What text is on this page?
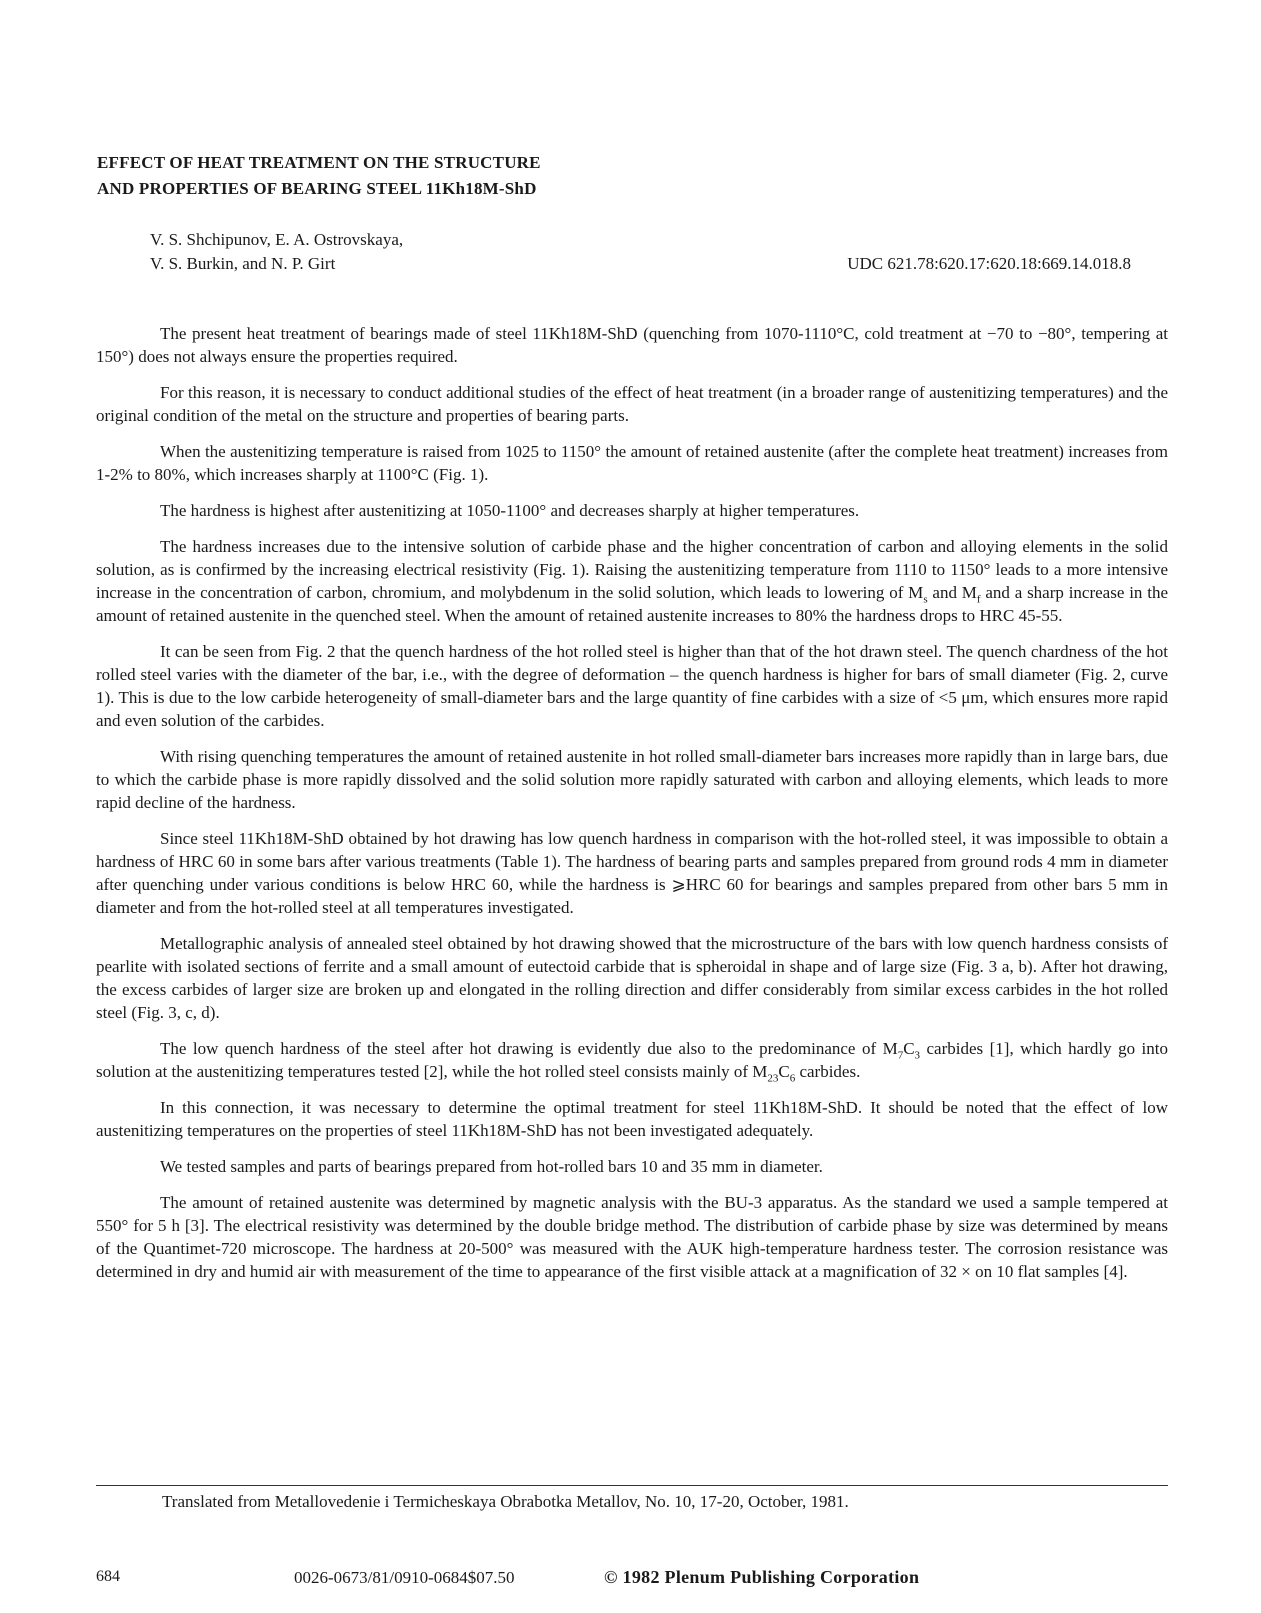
EFFECT OF HEAT TREATMENT ON THE STRUCTURE
AND PROPERTIES OF BEARING STEEL 11Kh18M-ShD
V. S. Shchipunov, E. A. Ostrovskaya,
V. S. Burkin, and N. P. Girt	UDC 621.78:620.17:620.18:669.14.018.8

The present heat treatment of bearings made of steel 11Kh18M-ShD (quenching from 1070-1110°C, cold treatment at −70 to −80°, tempering at 150°) does not always ensure the properties required.

For this reason, it is necessary to conduct additional studies of the effect of heat treatment (in a broader range of austenitizing temperatures) and the original condition of the metal on the structure and properties of bearing parts.

When the austenitizing temperature is raised from 1025 to 1150° the amount of retained austenite (after the complete heat treatment) increases from 1-2% to 80%, which increases sharply at 1100°C (Fig. 1).

The hardness is highest after austenitizing at 1050-1100° and decreases sharply at higher temperatures.

The hardness increases due to the intensive solution of carbide phase and the higher concentration of carbon and alloying elements in the solid solution, as is confirmed by the increasing electrical resistivity (Fig. 1). Raising the austenitizing temperature from 1110 to 1150° leads to a more intensive increase in the concentration of carbon, chromium, and molybdenum in the solid solution, which leads to lowering of $M_s$ and $M_f$ and a sharp increase in the amount of retained austenite in the quenched steel. When the amount of retained austenite increases to 80% the hardness drops to HRC 45-55.

It can be seen from Fig. 2 that the quench hardness of the hot rolled steel is higher than that of the hot drawn steel. The quench chardness of the hot rolled steel varies with the diameter of the bar, i.e., with the degree of deformation – the quench hardness is higher for bars of small diameter (Fig. 2, curve 1). This is due to the low carbide heterogeneity of small-diameter bars and the large quantity of fine carbides with a size of <5 μm, which ensures more rapid and even solution of the carbides.

With rising quenching temperatures the amount of retained austenite in hot rolled small-diameter bars increases more rapidly than in large bars, due to which the carbide phase is more rapidly dissolved and the solid solution more rapidly saturated with carbon and alloying elements, which leads to more rapid decline of the hardness.

Since steel 11Kh18M-ShD obtained by hot drawing has low quench hardness in comparison with the hot-rolled steel, it was impossible to obtain a hardness of HRC 60 in some bars after various treatments (Table 1). The hardness of bearing parts and samples prepared from ground rods 4 mm in diameter after quenching under various conditions is below HRC 60, while the hardness is ⩾HRC 60 for bearings and samples prepared from other bars 5 mm in diameter and from the hot-rolled steel at all temperatures investigated.

Metallographic analysis of annealed steel obtained by hot drawing showed that the microstructure of the bars with low quench hardness consists of pearlite with isolated sections of ferrite and a small amount of eutectoid carbide that is spheroidal in shape and of large size (Fig. 3 a, b). After hot drawing, the excess carbides of larger size are broken up and elongated in the rolling direction and differ considerably from similar excess carbides in the hot rolled steel (Fig. 3, c, d).

The low quench hardness of the steel after hot drawing is evidently due also to the predominance of $M_7C_3$ carbides [1], which hardly go into solution at the austenitizing temperatures tested [2], while the hot rolled steel consists mainly of $M_{23}C_6$ carbides.

In this connection, it was necessary to determine the optimal treatment for steel 11Kh18M-ShD. It should be noted that the effect of low austenitizing temperatures on the properties of steel 11Kh18M-ShD has not been investigated adequately.

We tested samples and parts of bearings prepared from hot-rolled bars 10 and 35 mm in diameter.

The amount of retained austenite was determined by magnetic analysis with the BU-3 apparatus. As the standard we used a sample tempered at 550° for 5 h [3]. The electrical resistivity was determined by the double bridge method. The distribution of carbide phase by size was determined by means of the Quantimet-720 microscope. The hardness at 20-500° was measured with the AUK high-temperature hardness tester. The corrosion resistance was determined in dry and humid air with measurement of the time to appearance of the first visible attack at a magnification of 32 × on 10 flat samples [4].

Translated from Metallovedenie i Termicheskaya Obrabotka Metallov, No. 10, 17-20, October, 1981.
684	0026-0673/81/0910-0684$07.50	© 1982 Plenum Publishing Corporation
